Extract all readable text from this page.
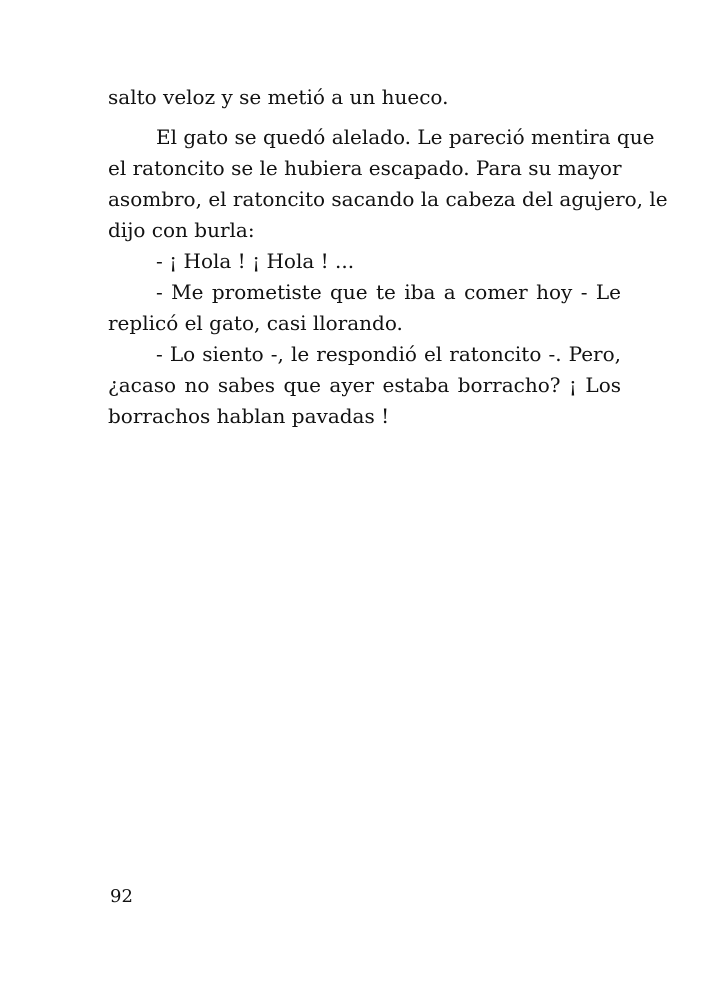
salto veloz y se metió a un hueco.
El gato se quedó alelado. Le pareció mentira que
el ratoncito se le hubiera escapado. Para su mayor
asombro, el ratoncito sacando la cabeza del agujero, le
dijo con burla:
- ¡ Hola ! ¡ Hola ! ...
- Me prometiste que te iba a comer hoy - Le
replicó el gato, casi llorando.
- Lo siento -, le respondió el ratoncito -. Pero,
¿acaso no sabes que ayer estaba borracho? ¡ Los
borrachos hablan pavadas !
92
